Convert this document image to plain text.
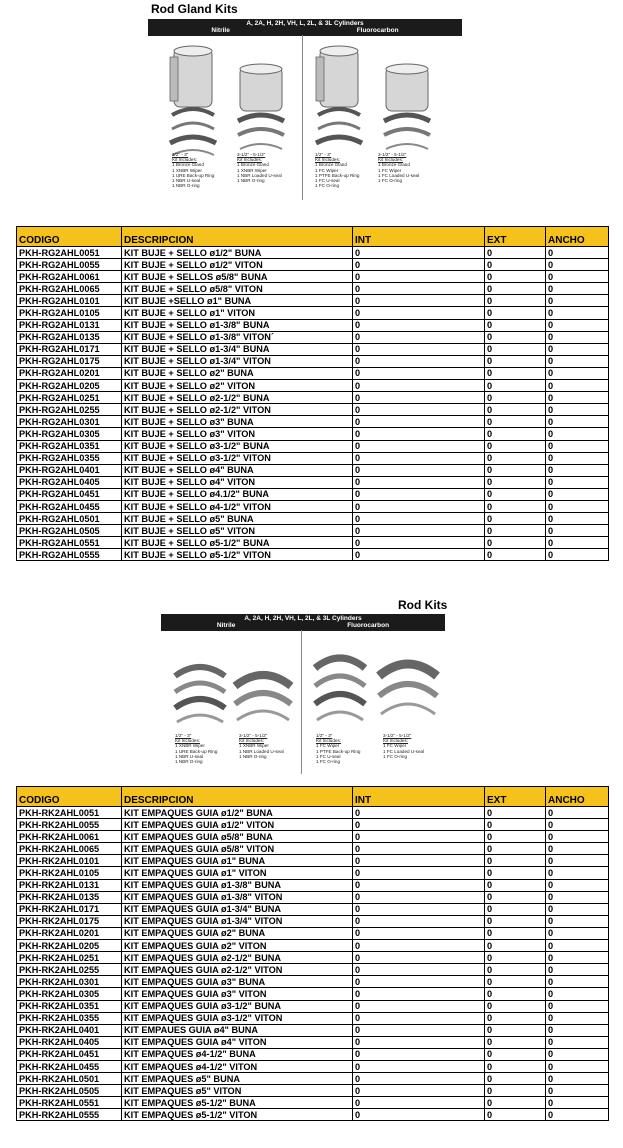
Rod Gland Kits
A, 2A, H, 2H, VH, L, 2L, & 3L Cylinders
Nitrile	Fluorocarbon
1/2" - 3"
Kit Includes:
1 Bronze Gland
1 XNBR Wiper
1 URE Back-up Ring
1 NBR U-seal
1 NBR O-ring
3-1/2" - 5-1/2"
Kit Includes:
1 Bronze Gland
1 XNBR Wiper
1 NBR Loaded U-seal
1 NBR O-ring
1/2" - 3"
Kit Includes:
1 Bronze Gland
1 FC Wiper
1 PTFE Back-up Ring
1 FC U-seal
1 FC O-ring
3-1/2" - 5-1/2"
Kit Includes:
1 Bronze Gland
1 FC Wiper
1 FC Loaded U-seal
1 FC O-ring
CODIGO	DESCRIPCION	INT	EXT	ANCHO
PKH-RG2AHL0051	KIT BUJE + SELLO ø1/2" BUNA	0	0	0
PKH-RG2AHL0055	KIT BUJE + SELLO ø1/2" VITON	0	0	0
PKH-RG2AHL0061	KIT BUJE + SELLOS ø5/8" BUNA	0	0	0
PKH-RG2AHL0065	KIT BUJE + SELLO ø5/8" VITON	0	0	0
PKH-RG2AHL0101	KIT BUJE +SELLO ø1" BUNA	0	0	0
PKH-RG2AHL0105	KIT BUJE + SELLO ø1" VITON	0	0	0
PKH-RG2AHL0131	KIT BUJE + SELLO ø1-3/8" BUNA	0	0	0
PKH-RG2AHL0135	KIT BUJE + SELLO ø1-3/8" VITON´	0	0	0
PKH-RG2AHL0171	KIT BUJE + SELLO ø1-3/4" BUNA	0	0	0
PKH-RG2AHL0175	KIT BUJE + SELLO ø1-3/4" VITON	0	0	0
PKH-RG2AHL0201	KIT BUJE + SELLO ø2" BUNA	0	0	0
PKH-RG2AHL0205	KIT BUJE + SELLO ø2" VITON	0	0	0
PKH-RG2AHL0251	KIT BUJE + SELLO ø2-1/2" BUNA	0	0	0
PKH-RG2AHL0255	KIT BUJE + SELLO ø2-1/2" VITON	0	0	0
PKH-RG2AHL0301	KIT BUJE + SELLO ø3" BUNA	0	0	0
PKH-RG2AHL0305	KIT BUJE + SELLO ø3" VITON	0	0	0
PKH-RG2AHL0351	KIT BUJE + SELLO ø3-1/2" BUNA	0	0	0
PKH-RG2AHL0355	KIT BUJE + SELLO ø3-1/2" VITON	0	0	0
PKH-RG2AHL0401	KIT BUJE + SELLO ø4" BUNA	0	0	0
PKH-RG2AHL0405	KIT BUJE + SELLO ø4" VITON	0	0	0
PKH-RG2AHL0451	KIT BUJE + SELLO ø4.1/2" BUNA	0	0	0
PKH-RG2AHL0455	KIT BUJE + SELLO ø4-1/2" VITON	0	0	0
PKH-RG2AHL0501	KIT BUJE + SELLO ø5" BUNA	0	0	0
PKH-RG2AHL0505	KIT BUJE + SELLO ø5" VITON	0	0	0
PKH-RG2AHL0551	KIT BUJE + SELLO ø5-1/2" BUNA	0	0	0
PKH-RG2AHL0555	KIT BUJE + SELLO ø5-1/2" VITON	0	0	0
Rod Kits
A, 2A, H, 2H, VH, L, 2L, & 3L Cylinders
Nitrile	Fluorocarbon
1/2" - 3"
Kit Includes:
1 XNBR Wiper
1 URE Back-up Ring
1 NBR U-seal
1 NBR O-ring
3-1/2" - 5-1/2"
Kit Includes:
1 XNBR Wiper
1 NBR Loaded U-seal
1 NBR O-ring
1/2" - 3"
Kit Includes:
1 FC Wiper
1 PTFE Back-up Ring
1 FC U-seal
1 FC O-ring
3-1/2" - 5-1/2"
Kit Includes:
1 FC Wiper
1 FC Loaded U-seal
1 FC O-ring
CODIGO	DESCRIPCION	INT	EXT	ANCHO
PKH-RK2AHL0051	KIT EMPAQUES GUIA ø1/2" BUNA	0	0	0
PKH-RK2AHL0055	KIT EMPAQUES GUIA ø1/2" VITON	0	0	0
PKH-RK2AHL0061	KIT EMPAQUES GUIA ø5/8" BUNA	0	0	0
PKH-RK2AHL0065	KIT EMPAQUES GUIA ø5/8" VITON	0	0	0
PKH-RK2AHL0101	KIT EMPAQUES GUIA ø1" BUNA	0	0	0
PKH-RK2AHL0105	KIT EMPAQUES GUIA ø1" VITON	0	0	0
PKH-RK2AHL0131	KIT EMPAQUES GUIA ø1-3/8" BUNA	0	0	0
PKH-RK2AHL0135	KIT EMPAQUES GUIA ø1-3/8" VITON	0	0	0
PKH-RK2AHL0171	KIT EMPAQUES GUIA ø1-3/4" BUNA	0	0	0
PKH-RK2AHL0175	KIT EMPAQUES GUIA ø1-3/4" VITON	0	0	0
PKH-RK2AHL0201	KIT EMPAQUES GUIA ø2" BUNA	0	0	0
PKH-RK2AHL0205	KIT EMPAQUES GUIA ø2" VITON	0	0	0
PKH-RK2AHL0251	KIT EMPAQUES GUIA ø2-1/2" BUNA	0	0	0
PKH-RK2AHL0255	KIT EMPAQUES GUIA ø2-1/2" VITON	0	0	0
PKH-RK2AHL0301	KIT EMPAQUES GUIA ø3" BUNA	0	0	0
PKH-RK2AHL0305	KIT EMPAQUES GUIA ø3" VITON	0	0	0
PKH-RK2AHL0351	KIT EMPAQUES GUIA ø3-1/2" BUNA	0	0	0
PKH-RK2AHL0355	KIT EMPAQUES GUIA ø3-1/2" VITON	0	0	0
PKH-RK2AHL0401	KIT EMPAUES GUIA ø4" BUNA	0	0	0
PKH-RK2AHL0405	KIT EMPAQUES GUIA ø4" VITON	0	0	0
PKH-RK2AHL0451	KIT EMPAQUES ø4-1/2" BUNA	0	0	0
PKH-RK2AHL0455	KIT EMPAQUES ø4-1/2" VITON	0	0	0
PKH-RK2AHL0501	KIT EMPAQUES ø5" BUNA	0	0	0
PKH-RK2AHL0505	KIT EMPAQUES ø5" VITON	0	0	0
PKH-RK2AHL0551	KIT EMPAQUES ø5-1/2" BUNA	0	0	0
PKH-RK2AHL0555	KIT EMPAQUES ø5-1/2" VITON	0	0	0
